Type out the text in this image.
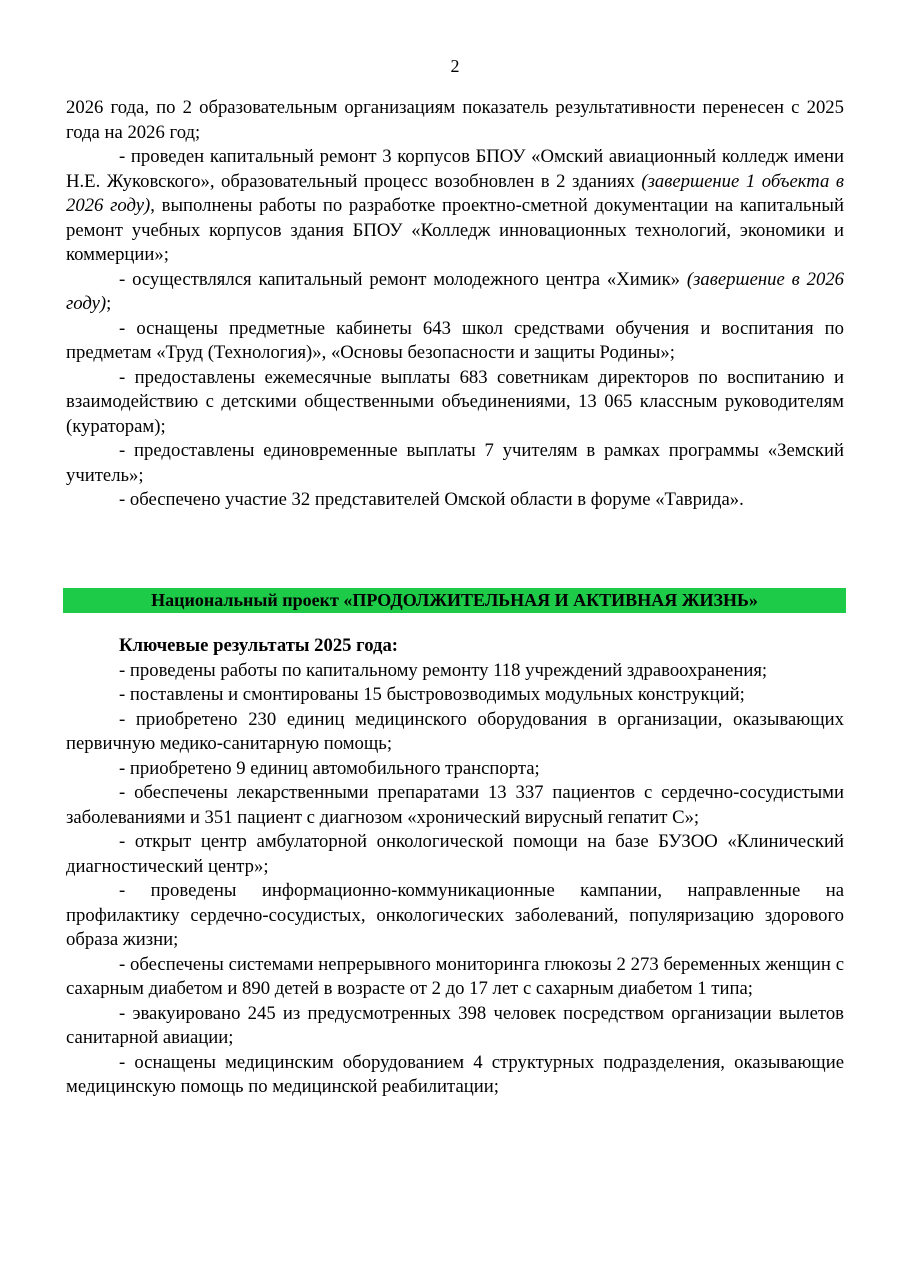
2

2026 года, по 2 образовательным организациям показатель результативности перенесен с 2025 года на 2026 год;

- проведен капитальный ремонт 3 корпусов БПОУ «Омский авиационный колледж имени Н.Е. Жуковского», образовательный процесс возобновлен в 2 зданиях (завершение 1 объекта в 2026 году), выполнены работы по разработке проектно-сметной документации на капитальный ремонт учебных корпусов здания БПОУ «Колледж инновационных технологий, экономики и коммерции»;

- осуществлялся капитальный ремонт молодежного центра «Химик» (завершение в 2026 году);

- оснащены предметные кабинеты 643 школ средствами обучения и воспитания по предметам «Труд (Технология)», «Основы безопасности и защиты Родины»;

- предоставлены ежемесячные выплаты 683 советникам директоров по воспитанию и взаимодействию с детскими общественными объединениями, 13 065 классным руководителям (кураторам);

- предоставлены единовременные выплаты 7 учителям в рамках программы «Земский учитель»;

- обеспечено участие 32 представителей Омской области в форуме «Таврида».

Национальный проект «ПРОДОЛЖИТЕЛЬНАЯ И АКТИВНАЯ ЖИЗНЬ»

Ключевые результаты 2025 года:

- проведены работы по капитальному ремонту 118 учреждений здравоохранения;

- поставлены и смонтированы 15 быстровозводимых модульных конструкций;

- приобретено 230 единиц медицинского оборудования в организации, оказывающих первичную медико-санитарную помощь;

- приобретено 9 единиц автомобильного транспорта;

- обеспечены лекарственными препаратами 13 337 пациентов с сердечно-сосудистыми заболеваниями и 351 пациент с диагнозом «хронический вирусный гепатит С»;

- открыт центр амбулаторной онкологической помощи на базе БУЗОО «Клинический диагностический центр»;

- проведены информационно-коммуникационные кампании, направленные на профилактику сердечно-сосудистых, онкологических заболеваний, популяризацию здорового образа жизни;

- обеспечены системами непрерывного мониторинга глюкозы 2 273 беременных женщин с сахарным диабетом и 890 детей в возрасте от 2 до 17 лет с сахарным диабетом 1 типа;

- эвакуировано 245 из предусмотренных 398 человек посредством организации вылетов санитарной авиации;

- оснащены медицинским оборудованием 4 структурных подразделения, оказывающие медицинскую помощь по медицинской реабилитации;
